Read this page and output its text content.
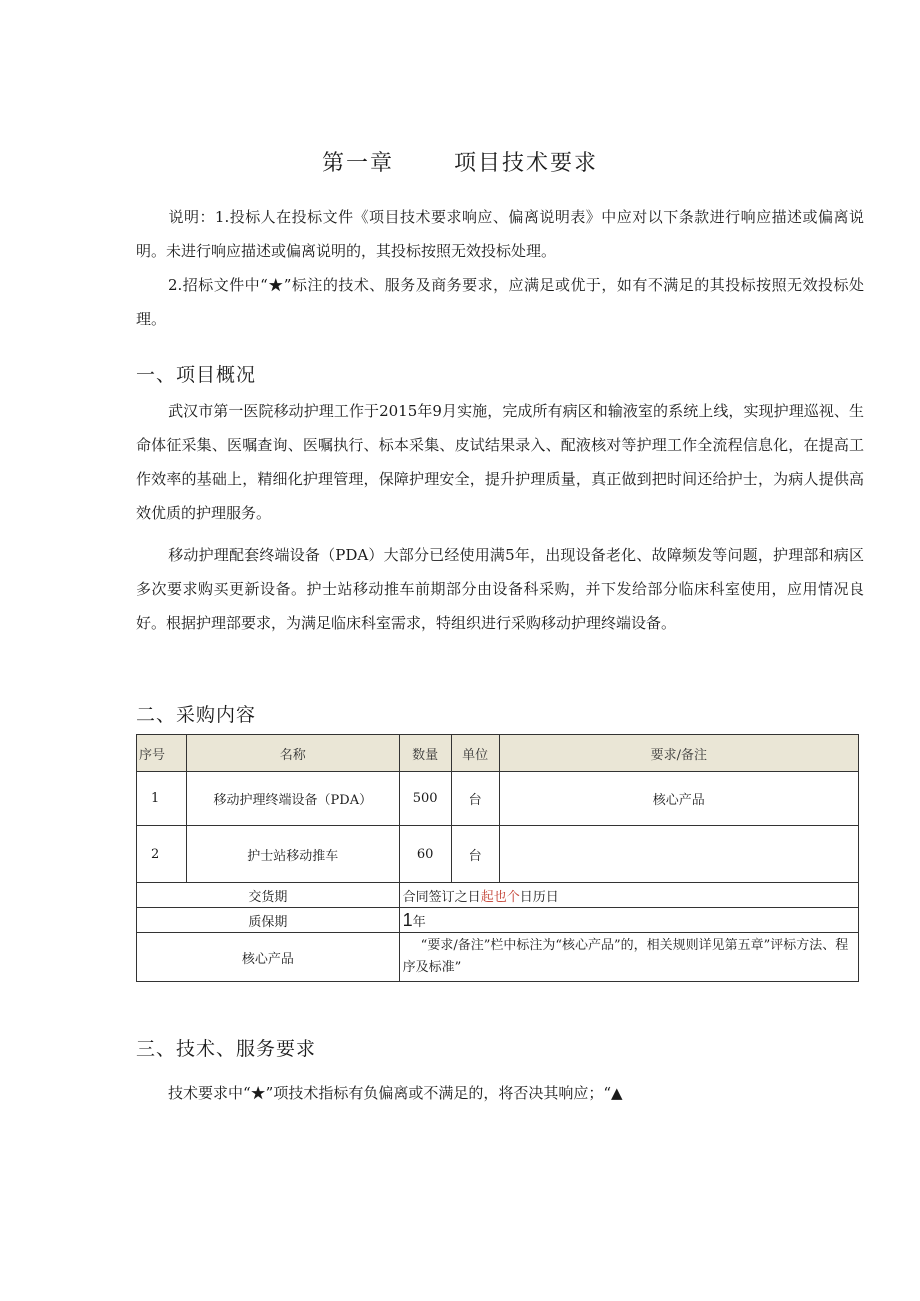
第一章	项目技术要求
说明：1.投标人在投标文件《项目技术要求响应、偏离说明表》中应对以下条款进行响应描述或偏离说明。未进行响应描述或偏离说明的，其投标按照无效投标处理。
2.招标文件中“★”标注的技术、服务及商务要求，应满足或优于，如有不满足的其投标按照无效投标处理。
一、项目概况
武汉市第一医院移动护理工作于2015年9月实施，完成所有病区和输液室的系统上线，实现护理巡视、生命体征采集、医嘱查询、医嘱执行、标本采集、皮试结果录入、配液核对等护理工作全流程信息化，在提高工作效率的基础上，精细化护理管理，保障护理安全，提升护理质量，真正做到把时间还给护士，为病人提供高效优质的护理服务。
移动护理配套终端设备（PDA）大部分已经使用满5年，出现设备老化、故障频发等问题，护理部和病区多次要求购买更新设备。护士站移动推车前期部分由设备科采购，并下发给部分临床科室使用，应用情况良好。根据护理部要求，为满足临床科室需求，特组织进行采购移动护理终端设备。
二、采购内容
序号	名称	数量	单位	要求/备注
1	移动护理终端设备（PDA）	500	台	核心产品
2	护士站移动推车	60	台	
交货期		合同签订之日起也个日历日		
质保期		1年		
核心产品		“要求/备注”栏中标注为“核心产品”的，相关规则详见第五章”评标方法、程序及标准”		
三、技术、服务要求
技术要求中“★”项技术指标有负偏离或不满足的，将否决其响应；“▲
